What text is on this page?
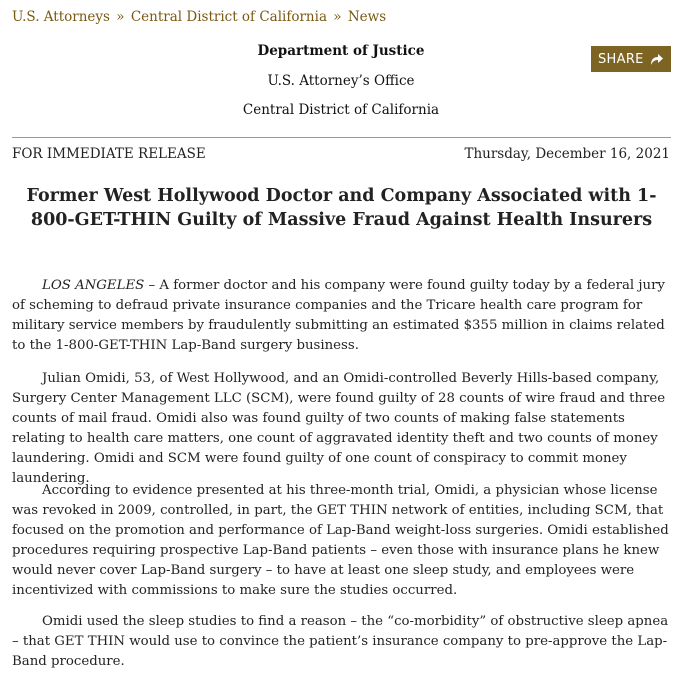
U.S. Attorneys » Central District of California » News
Department of Justice
U.S. Attorney’s Office
Central District of California
SHARE
FOR IMMEDIATE RELEASE	Thursday, December 16, 2021
Former West Hollywood Doctor and Company Associated with 1-800-GET-THIN Guilty of Massive Fraud Against Health Insurers

LOS ANGELES – A former doctor and his company were found guilty today by a federal jury of scheming to defraud private insurance companies and the Tricare health care program for military service members by fraudulently submitting an estimated $355 million in claims related to the 1-800-GET-THIN Lap-Band surgery business.

Julian Omidi, 53, of West Hollywood, and an Omidi-controlled Beverly Hills-based company, Surgery Center Management LLC (SCM), were found guilty of 28 counts of wire fraud and three counts of mail fraud. Omidi also was found guilty of two counts of making false statements relating to health care matters, one count of aggravated identity theft and two counts of money laundering. Omidi and SCM were found guilty of one count of conspiracy to commit money laundering.

According to evidence presented at his three-month trial, Omidi, a physician whose license was revoked in 2009, controlled, in part, the GET THIN network of entities, including SCM, that focused on the promotion and performance of Lap-Band weight-loss surgeries. Omidi established procedures requiring prospective Lap-Band patients – even those with insurance plans he knew would never cover Lap-Band surgery – to have at least one sleep study, and employees were incentivized with commissions to make sure the studies occurred.

Omidi used the sleep studies to find a reason – the “co-morbidity” of obstructive sleep apnea – that GET THIN would use to convince the patient’s insurance company to pre-approve the Lap-Band procedure.
